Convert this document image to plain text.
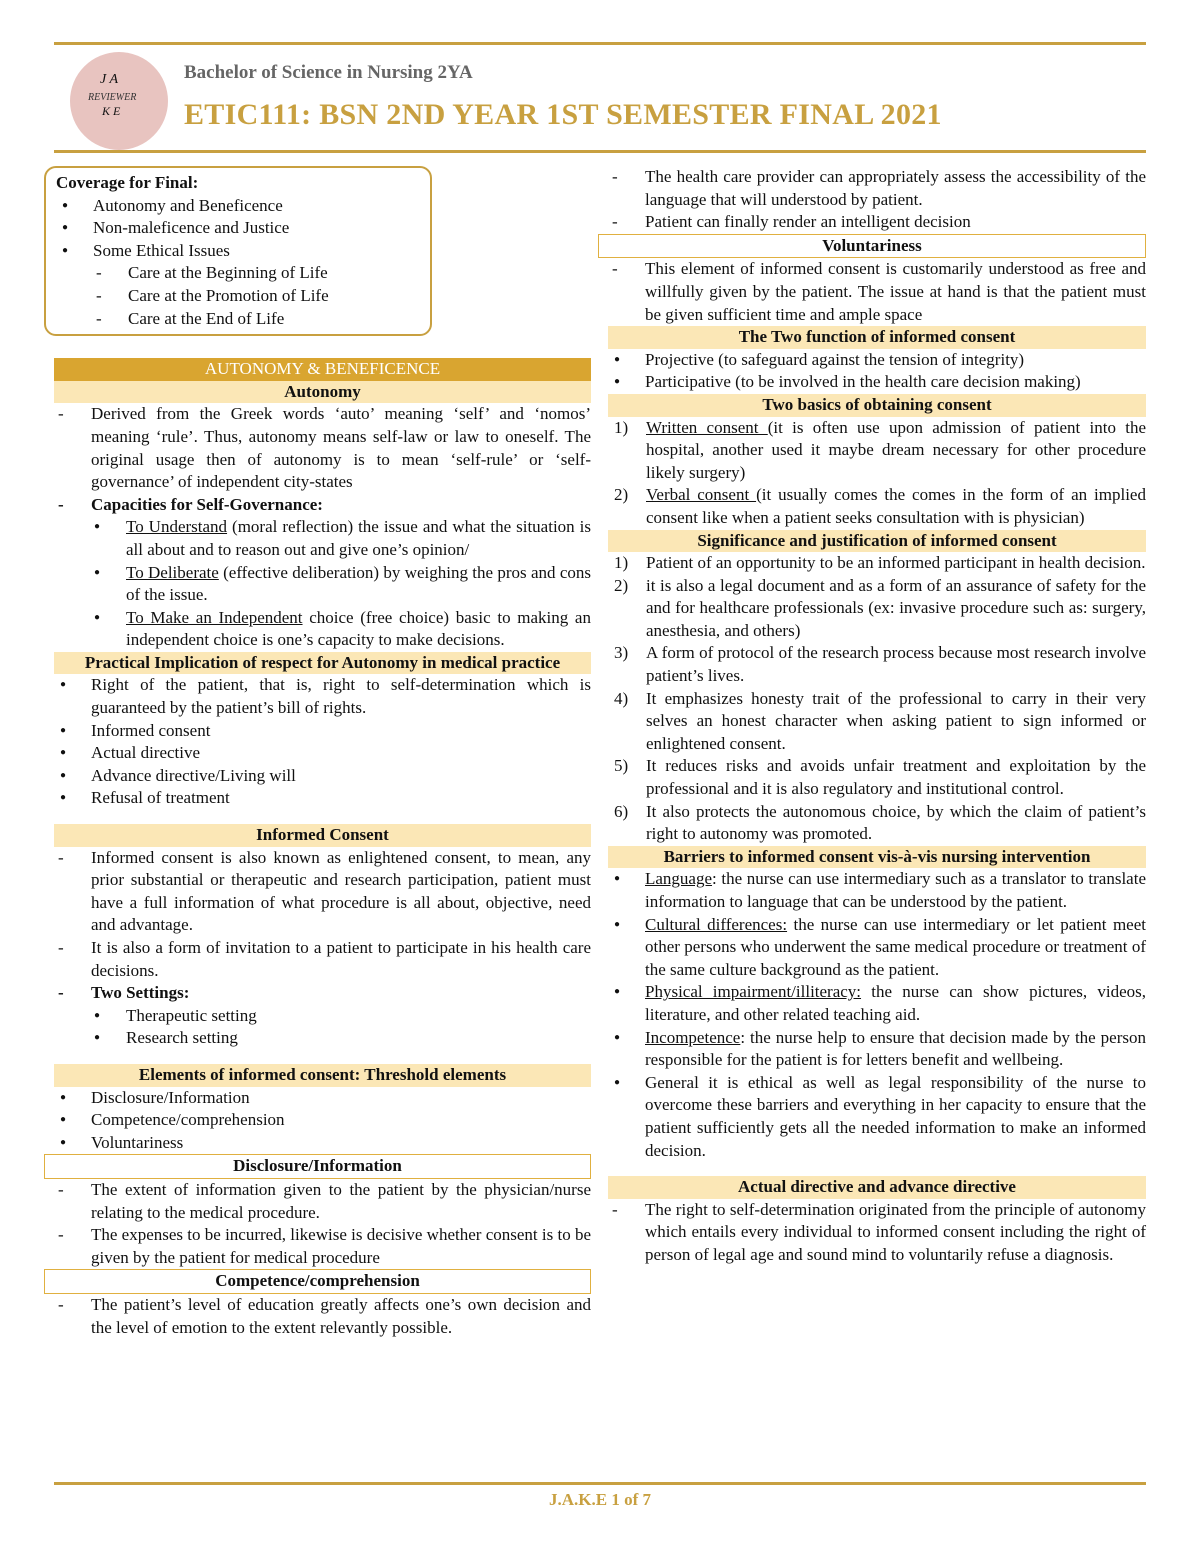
J A
REVIEWER
K E
Bachelor of Science in Nursing 2YA
ETIC111: BSN 2ND YEAR 1ST SEMESTER FINAL 2021
Coverage for Final:
● Autonomy and Beneficence
● Non-maleficence and Justice
● Some Ethical Issues
- Care at the Beginning of Life
- Care at the Promotion of Life
- Care at the End of Life
AUTONOMY & BENEFICENCE
Autonomy
- Derived from the Greek words ‘auto’ meaning ‘self’ and ‘nomos’ meaning ‘rule’. Thus, autonomy means self-law or law to oneself. The original usage then of autonomy is to mean ‘self-rule’ or ‘self-governance’ of independent city-states
- Capacities for Self-Governance:
● To Understand (moral reflection) the issue and what the situation is all about and to reason out and give one’s opinion/
● To Deliberate (effective deliberation) by weighing the pros and cons of the issue.
● To Make an Independent choice (free choice) basic to making an independent choice is one’s capacity to make decisions.
Practical Implication of respect for Autonomy in medical practice
● Right of the patient, that is, right to self-determination which is guaranteed by the patient’s bill of rights.
● Informed consent
● Actual directive
● Advance directive/Living will
● Refusal of treatment
Informed Consent
- Informed consent is also known as enlightened consent, to mean, any prior substantial or therapeutic and research participation, patient must have a full information of what procedure is all about, objective, need and advantage.
- It is also a form of invitation to a patient to participate in his health care decisions.
- Two Settings:
● Therapeutic setting
● Research setting
Elements of informed consent: Threshold elements
● Disclosure/Information
● Competence/comprehension
● Voluntariness
Disclosure/Information
- The extent of information given to the patient by the physician/nurse relating to the medical procedure.
- The expenses to be incurred, likewise is decisive whether consent is to be given by the patient for medical procedure
Competence/comprehension
- The patient’s level of education greatly affects one’s own decision and the level of emotion to the extent relevantly possible.
- The health care provider can appropriately assess the accessibility of the language that will understood by patient.
- Patient can finally render an intelligent decision
Voluntariness
- This element of informed consent is customarily understood as free and willfully given by the patient. The issue at hand is that the patient must be given sufficient time and ample space
The Two function of informed consent
● Projective (to safeguard against the tension of integrity)
● Participative (to be involved in the health care decision making)
Two basics of obtaining consent
1) Written consent (it is often use upon admission of patient into the hospital, another used it maybe dream necessary for other procedure likely surgery)
2) Verbal consent (it usually comes the comes in the form of an implied consent like when a patient seeks consultation with is physician)
Significance and justification of informed consent
1) Patient of an opportunity to be an informed participant in health decision.
2) it is also a legal document and as a form of an assurance of safety for the and for healthcare professionals (ex: invasive procedure such as: surgery, anesthesia, and others)
3) A form of protocol of the research process because most research involve patient’s lives.
4) It emphasizes honesty trait of the professional to carry in their very selves an honest character when asking patient to sign informed or enlightened consent.
5) It reduces risks and avoids unfair treatment and exploitation by the professional and it is also regulatory and institutional control.
6) It also protects the autonomous choice, by which the claim of patient’s right to autonomy was promoted.
Barriers to informed consent vis-à-vis nursing intervention
● Language: the nurse can use intermediary such as a translator to translate information to language that can be understood by the patient.
● Cultural differences: the nurse can use intermediary or let patient meet other persons who underwent the same medical procedure or treatment of the same culture background as the patient.
● Physical impairment/illiteracy: the nurse can show pictures, videos, literature, and other related teaching aid.
● Incompetence: the nurse help to ensure that decision made by the person responsible for the patient is for letters benefit and wellbeing.
● General it is ethical as well as legal responsibility of the nurse to overcome these barriers and everything in her capacity to ensure that the patient sufficiently gets all the needed information to make an informed decision.
Actual directive and advance directive
- The right to self-determination originated from the principle of autonomy which entails every individual to informed consent including the right of person of legal age and sound mind to voluntarily refuse a diagnosis.
J.A.K.E 1 of 7
